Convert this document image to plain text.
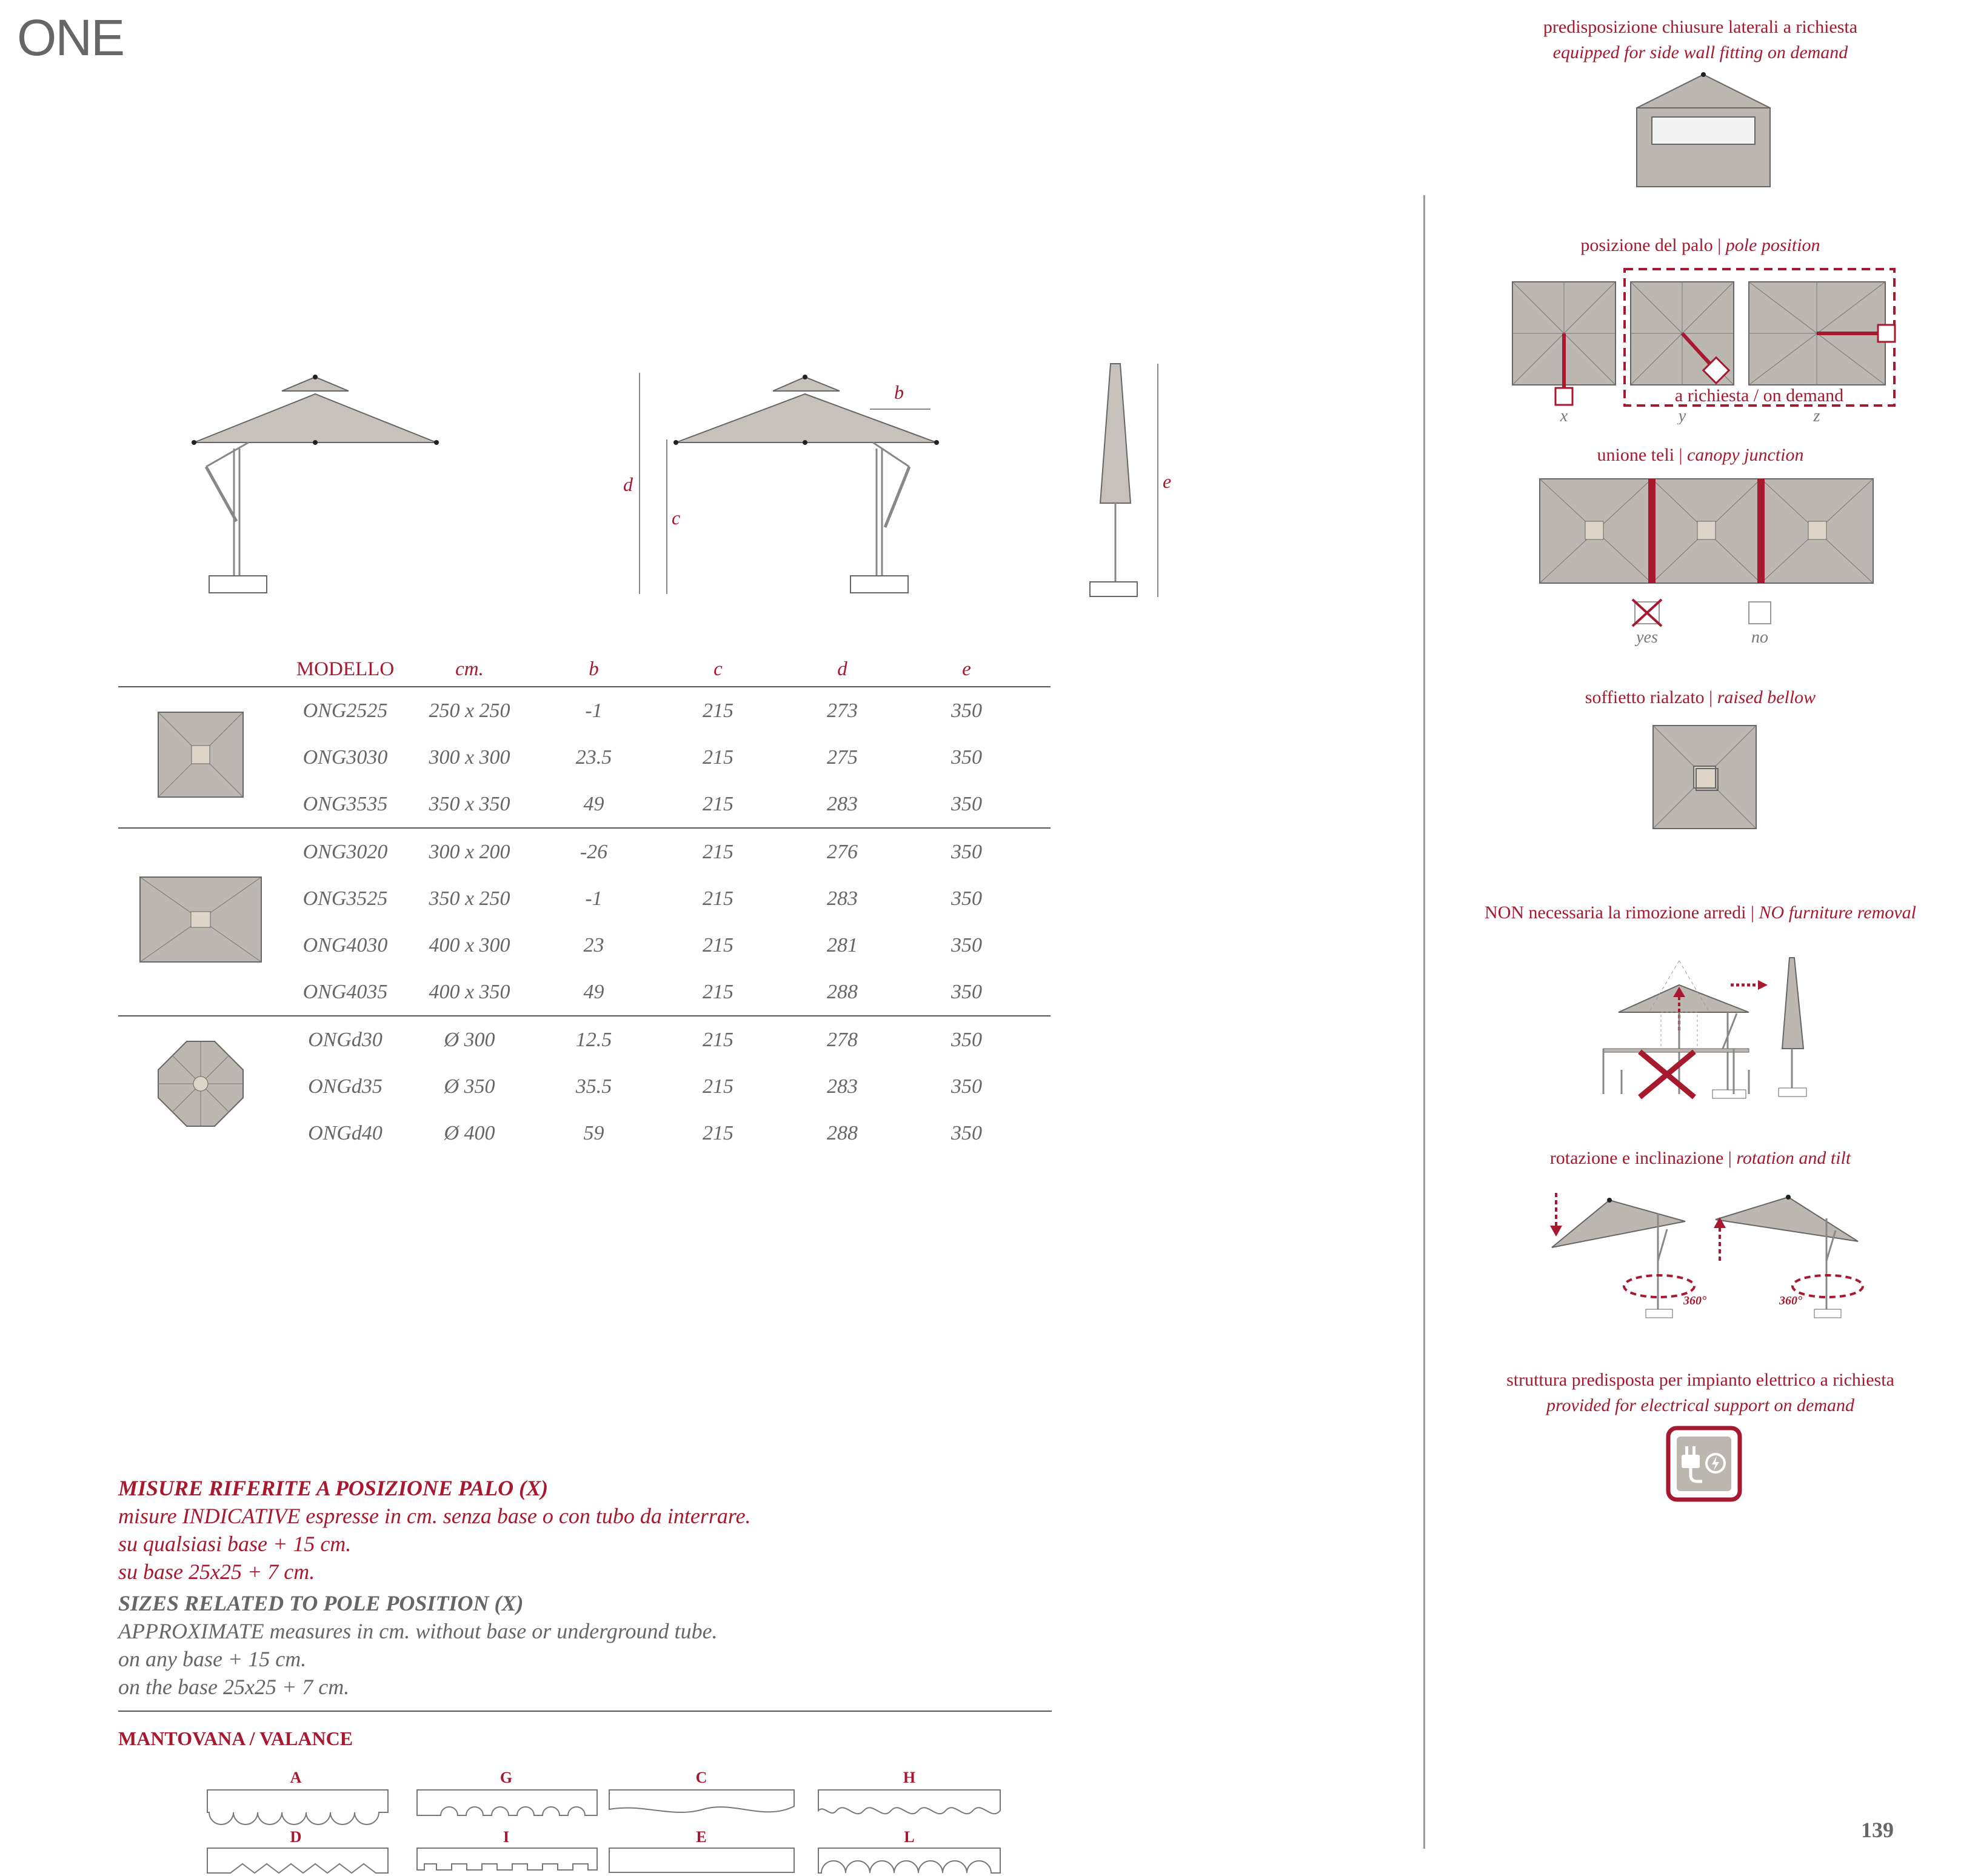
ONE
b
d
c
e
	MODELLO	cm.	b	c	d	e	
	ONG2525	250 x 250	-1	215	273	350	
	ONG3030	300 x 300	23.5	215	275	350	
	ONG3535	350 x 350	49	215	283	350	
	ONG3020	300 x 200	-26	215	276	350	
	ONG3525	350 x 250	-1	215	283	350	
	ONG4030	400 x 300	23	215	281	350	
	ONG4035	400 x 350	49	215	288	350	
	ONGd30	Ø 300	12.5	215	278	350	
	ONGd35	Ø 350	35.5	215	283	350	
	ONGd40	Ø 400	59	215	288	350	
MISURE RIFERITE A POSIZIONE PALO (X)
misure INDICATIVE espresse in cm. senza base o con tubo da interrare.
su qualsiasi base + 15 cm.
su base 25x25 + 7 cm.
SIZES RELATED TO POLE POSITION (X)
APPROXIMATE measures in cm. without base or underground tube.
on any base + 15 cm.
on the base 25x25 + 7 cm.
MANTOVANA / VALANCE
A	G	C	H
D	I	E	L
predisposizione chiusure laterali a richiesta
equipped for side wall fitting on demand
posizione del palo | pole position
x	y	z
a richiesta / on demand
unione teli | canopy junction
yes	no
soffietto rialzato | raised bellow
NON necessaria la rimozione arredi | NO furniture removal
rotazione e inclinazione | rotation and tilt
360°	360°
struttura predisposta per impianto elettrico a richiesta
provided for electrical support on demand
139
